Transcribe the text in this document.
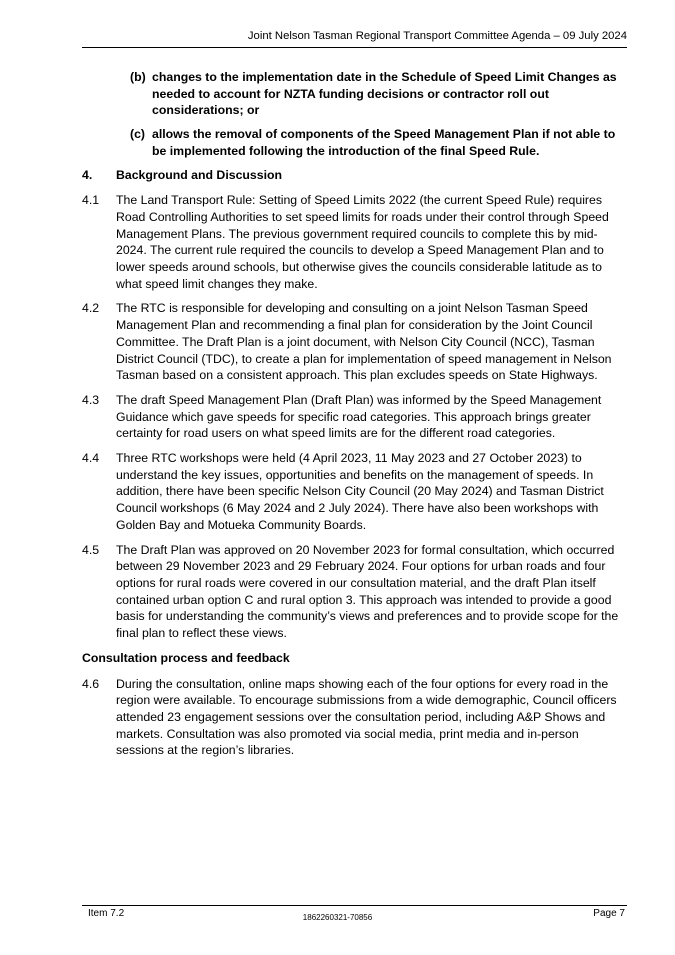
Joint Nelson Tasman Regional Transport Committee Agenda – 09 July 2024
(b) changes to the implementation date in the Schedule of Speed Limit Changes as needed to account for NZTA funding decisions or contractor roll out considerations; or
(c) allows the removal of components of the Speed Management Plan if not able to be implemented following the introduction of the final Speed Rule.
4.	Background and Discussion
4.1	The Land Transport Rule: Setting of Speed Limits 2022 (the current Speed Rule) requires Road Controlling Authorities to set speed limits for roads under their control through Speed Management Plans. The previous government required councils to complete this by mid-2024. The current rule required the councils to develop a Speed Management Plan and to lower speeds around schools, but otherwise gives the councils considerable latitude as to what speed limit changes they make.
4.2	The RTC is responsible for developing and consulting on a joint Nelson Tasman Speed Management Plan and recommending a final plan for consideration by the Joint Council Committee. The Draft Plan is a joint document, with Nelson City Council (NCC), Tasman District Council (TDC), to create a plan for implementation of speed management in Nelson Tasman based on a consistent approach. This plan excludes speeds on State Highways.
4.3	The draft Speed Management Plan (Draft Plan) was informed by the Speed Management Guidance which gave speeds for specific road categories. This approach brings greater certainty for road users on what speed limits are for the different road categories.
4.4	Three RTC workshops were held (4 April 2023, 11 May 2023 and 27 October 2023) to understand the key issues, opportunities and benefits on the management of speeds. In addition, there have been specific Nelson City Council (20 May 2024) and Tasman District Council workshops (6 May 2024 and 2 July 2024). There have also been workshops with Golden Bay and Motueka Community Boards.
4.5	The Draft Plan was approved on 20 November 2023 for formal consultation, which occurred between 29 November 2023 and 29 February 2024. Four options for urban roads and four options for rural roads were covered in our consultation material, and the draft Plan itself contained urban option C and rural option 3. This approach was intended to provide a good basis for understanding the community’s views and preferences and to provide scope for the final plan to reflect these views.
Consultation process and feedback
4.6	During the consultation, online maps showing each of the four options for every road in the region were available. To encourage submissions from a wide demographic, Council officers attended 23 engagement sessions over the consultation period, including A&P Shows and markets. Consultation was also promoted via social media, print media and in-person sessions at the region’s libraries.
Item 7.2	1862260321-70856	Page 7
